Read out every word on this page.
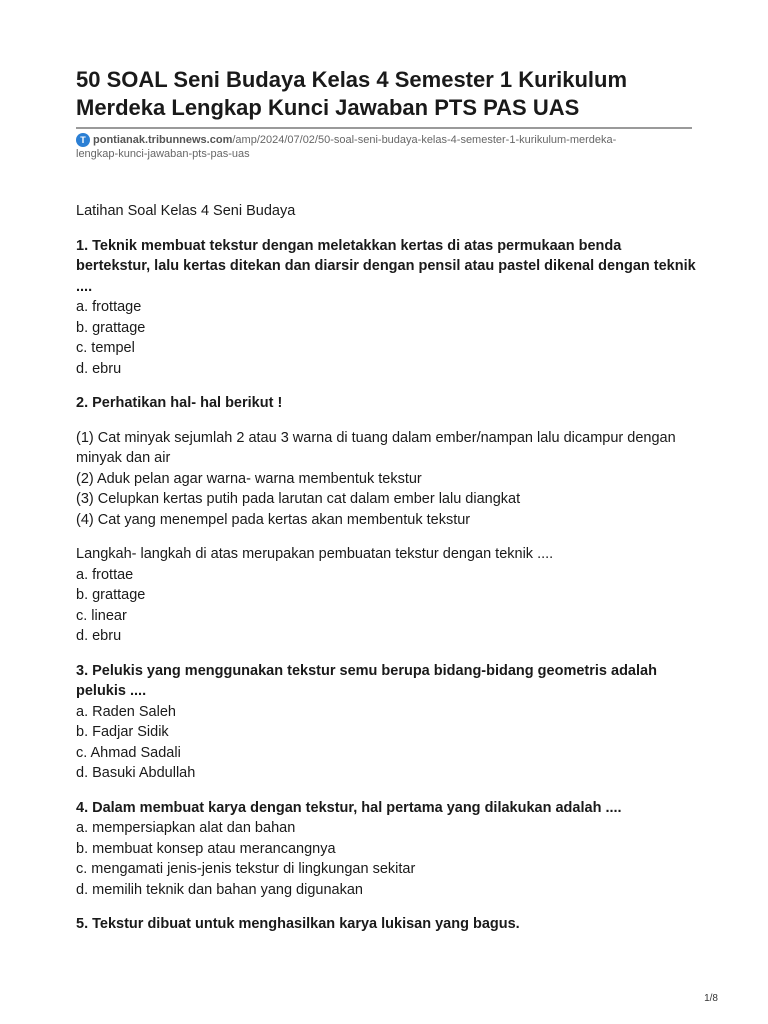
50 SOAL Seni Budaya Kelas 4 Semester 1 Kurikulum Merdeka Lengkap Kunci Jawaban PTS PAS UAS
T pontianak.tribunnews.com/amp/2024/07/02/50-soal-seni-budaya-kelas-4-semester-1-kurikulum-merdeka-
lengkap-kunci-jawaban-pts-pas-uas

Latihan Soal Kelas 4 Seni Budaya

1. Teknik membuat tekstur dengan meletakkan kertas di atas permukaan benda bertekstur, lalu kertas ditekan dan diarsir dengan pensil atau pastel dikenal dengan teknik ....

a. frottage
b. grattage
c. tempel
d. ebru

2. Perhatikan hal- hal berikut !

(1) Cat minyak sejumlah 2 atau 3 warna di tuang dalam ember/nampan lalu dicampur dengan minyak dan air
(2) Aduk pelan agar warna- warna membentuk tekstur
(3) Celupkan kertas putih pada larutan cat dalam ember lalu diangkat
(4) Cat yang menempel pada kertas akan membentuk tekstur

Langkah- langkah di atas merupakan pembuatan tekstur dengan teknik ....

a. frottae
b. grattage
c. linear
d. ebru

3. Pelukis yang menggunakan tekstur semu berupa bidang-bidang geometris adalah pelukis ....

a. Raden Saleh
b. Fadjar Sidik
c. Ahmad Sadali
d. Basuki Abdullah

4. Dalam membuat karya dengan tekstur, hal pertama yang dilakukan adalah ....

a. mempersiapkan alat dan bahan
b. membuat konsep atau merancangnya
c. mengamati jenis-jenis tekstur di lingkungan sekitar
d. memilih teknik dan bahan yang digunakan

5. Tekstur dibuat untuk menghasilkan karya lukisan yang bagus.

1/8
